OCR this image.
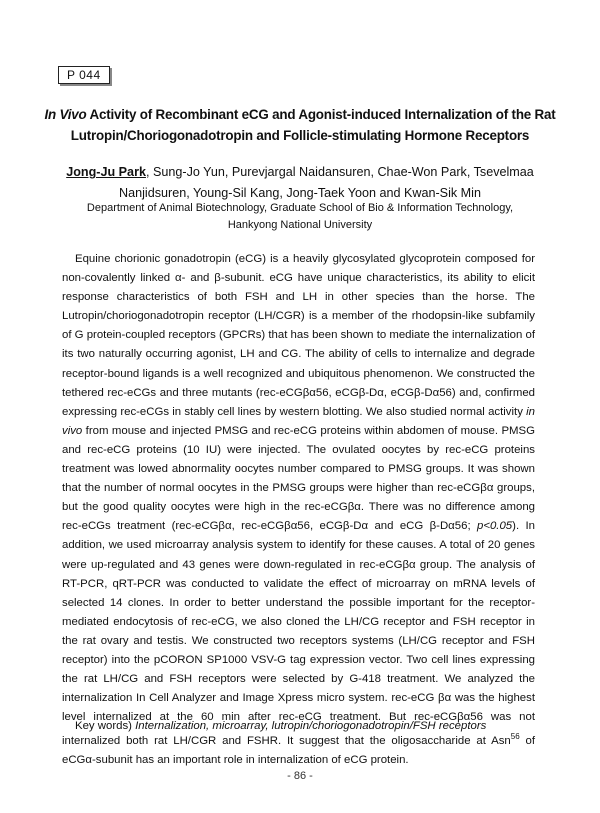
P 044
In Vivo Activity of Recombinant eCG and Agonist-induced Internalization of the Rat Lutropin/Choriogonadotropin and Follicle-stimulating Hormone Receptors
Jong-Ju Park, Sung-Jo Yun, Purevjargal Naidansuren, Chae-Won Park, Tsevelmaa Nanjidsuren, Young-Sil Kang, Jong-Taek Yoon and Kwan-Sik Min
Department of Animal Biotechnology, Graduate School of Bio & Information Technology,
Hankyong National University

Equine chorionic gonadotropin (eCG) is a heavily glycosylated glycoprotein composed for non-covalently linked α- and β-subunit. eCG have unique characteristics, its ability to elicit response characteristics of both FSH and LH in other species than the horse. The Lutropin/choriogonadotropin receptor (LH/CGR) is a member of the rhodopsin-like subfamily of G protein-coupled receptors (GPCRs) that has been shown to mediate the internalization of its two naturally occurring agonist, LH and CG. The ability of cells to internalize and degrade receptor-bound ligands is a well recognized and ubiquitous phenomenon. We constructed the tethered rec-eCGs and three mutants (rec-eCGβα56, eCGβ-Dα, eCGβ-Dα56) and, confirmed expressing rec-eCGs in stably cell lines by western blotting. We also studied normal activity in vivo from mouse and injected PMSG and rec-eCG proteins within abdomen of mouse. PMSG and rec-eCG proteins (10 IU) were injected. The ovulated oocytes by rec-eCG proteins treatment was lowed abnormality oocytes number compared to PMSG groups. It was shown that the number of normal oocytes in the PMSG groups were higher than rec-eCGβα groups, but the good quality oocytes were high in the rec-eCGβα. There was no difference among rec-eCGs treatment (rec-eCGβα, rec-eCGβα56, eCGβ-Dα and eCG β-Dα56; p<0.05). In addition, we used microarray analysis system to identify for these causes. A total of 20 genes were up-regulated and 43 genes were down-regulated in rec-eCGβα group. The analysis of RT-PCR, qRT-PCR was conducted to validate the effect of microarray on mRNA levels of selected 14 clones. In order to better understand the possible important for the receptor-mediated endocytosis of rec-eCG, we also cloned the LH/CG receptor and FSH receptor in the rat ovary and testis. We constructed two receptors systems (LH/CG receptor and FSH receptor) into the pCORON SP1000 VSV-G tag expression vector. Two cell lines expressing the rat LH/CG and FSH receptors were selected by G-418 treatment. We analyzed the internalization In Cell Analyzer and Image Xpress micro system. rec-eCG βα was the highest level internalized at the 60 min after rec-eCG treatment. But rec-eCGβα56 was not internalized both rat LH/CGR and FSHR. It suggest that the oligosaccharide at Asn$^{56}$ of eCGα-subunit has an important role in internalization of eCG protein.

Key words) Internalization, microarray, lutropin/choriogonadotropin/FSH receptors
- 86 -
